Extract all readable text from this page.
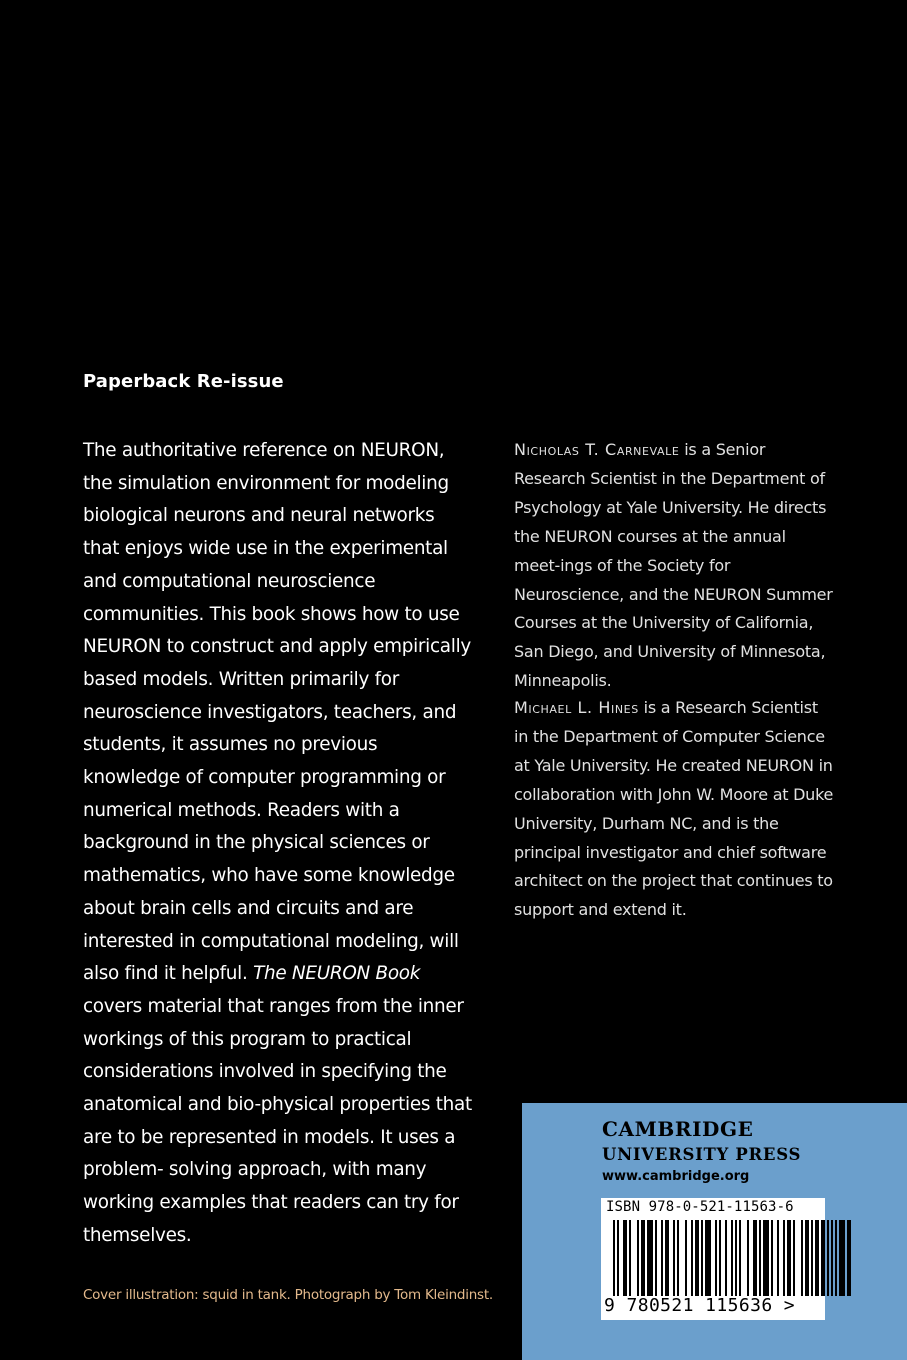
Paperback Re-issue

The authoritative reference on NEURON, the simulation environment for modeling biological neurons and neural networks that enjoys wide use in the experimental and computational neuroscience communities. This book shows how to use NEURON to construct and apply empirically based models. Written primarily for neuroscience investigators, teachers, and students, it assumes no previous knowledge of computer programming or numerical methods. Readers with a background in the physical sciences or mathematics, who have some knowledge about brain cells and circuits and are interested in computational modeling, will also find it helpful. The NEURON Book covers material that ranges from the inner workings of this program to practical considerations involved in specifying the anatomical and bio-physical properties that are to be represented in models. It uses a problem- solving approach, with many working examples that readers can try for themselves.

Nicholas T. Carnevale is a Senior Research Scientist in the Department of Psychology at Yale University. He directs the NEURON courses at the annual meet-ings of the Society for Neuroscience, and the NEURON Summer Courses at the University of California, San Diego, and University of Minnesota, Minneapolis.

Michael L. Hines is a Research Scientist in the Department of Computer Science at Yale University. He created NEURON in collaboration with John W. Moore at Duke University, Durham NC, and is the principal investigator and chief software architect on the project that continues to support and extend it.

Cover illustration: squid in tank. Photograph by Tom Kleindinst.
cambridge
UNIVERSITY PRESS
www.cambridge.org
ISBN 978-0-521-11563-6
9 780521 115636 >
